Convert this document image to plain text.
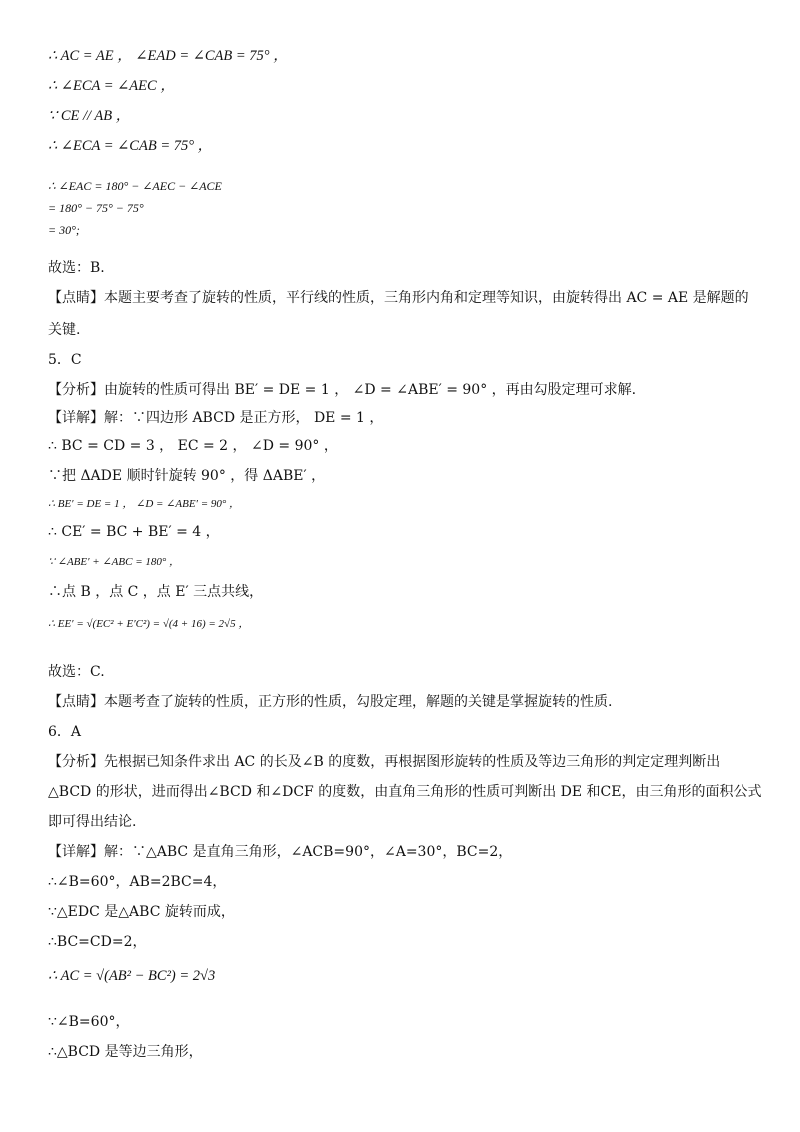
∴ AC = AE ， ∠EAD = ∠CAB = 75° ，
∴ ∠ECA = ∠AEC ，
∵ CE // AB ，
∴ ∠ECA = ∠CAB = 75° ，
∴ ∠EAC = 180° − ∠AEC − ∠ACE
= 180° − 75° − 75°
= 30°;
故选：B.
【点睛】本题主要考查了旋转的性质，平行线的性质，三角形内角和定理等知识，由旋转得出 AC = AE 是解题的
关键.
5．C
【分析】由旋转的性质可得出 BE′ = DE = 1 ， ∠D = ∠ABE′ = 90° ，再由勾股定理可求解.
【详解】解：∵四边形 ABCD 是正方形， DE = 1 ，
∴ BC = CD = 3 ， EC = 2 ， ∠D = 90° ，
∵把 ΔADE 顺时针旋转 90° ，得 ΔABE′ ，
∴ BE′ = DE = 1 ， ∠D = ∠ABE′ = 90° ，
∴ CE′ = BC + BE′ = 4 ，
∵ ∠ABE′ + ∠ABC = 180° ，
∴点 B ，点 C ，点 E′ 三点共线，
∴ EE′ = √(EC² + E′C²) = √(4 + 16) = 2√5 ，
故选：C.
【点睛】本题考查了旋转的性质，正方形的性质，勾股定理，解题的关键是掌握旋转的性质.
6．A
【分析】先根据已知条件求出 AC 的长及∠B 的度数，再根据图形旋转的性质及等边三角形的判定定理判断出
△BCD 的形状，进而得出∠BCD 和∠DCF 的度数，由直角三角形的性质可判断出 DE 和CE，由三角形的面积公式
即可得出结论.
【详解】解：∵△ABC 是直角三角形，∠ACB=90°，∠A=30°，BC=2，
∴∠B=60°，AB=2BC=4，
∵△EDC 是△ABC 旋转而成，
∴BC=CD=2，
∴ AC = √(AB² − BC²) = 2√3
∵∠B=60°，
∴△BCD 是等边三角形，
